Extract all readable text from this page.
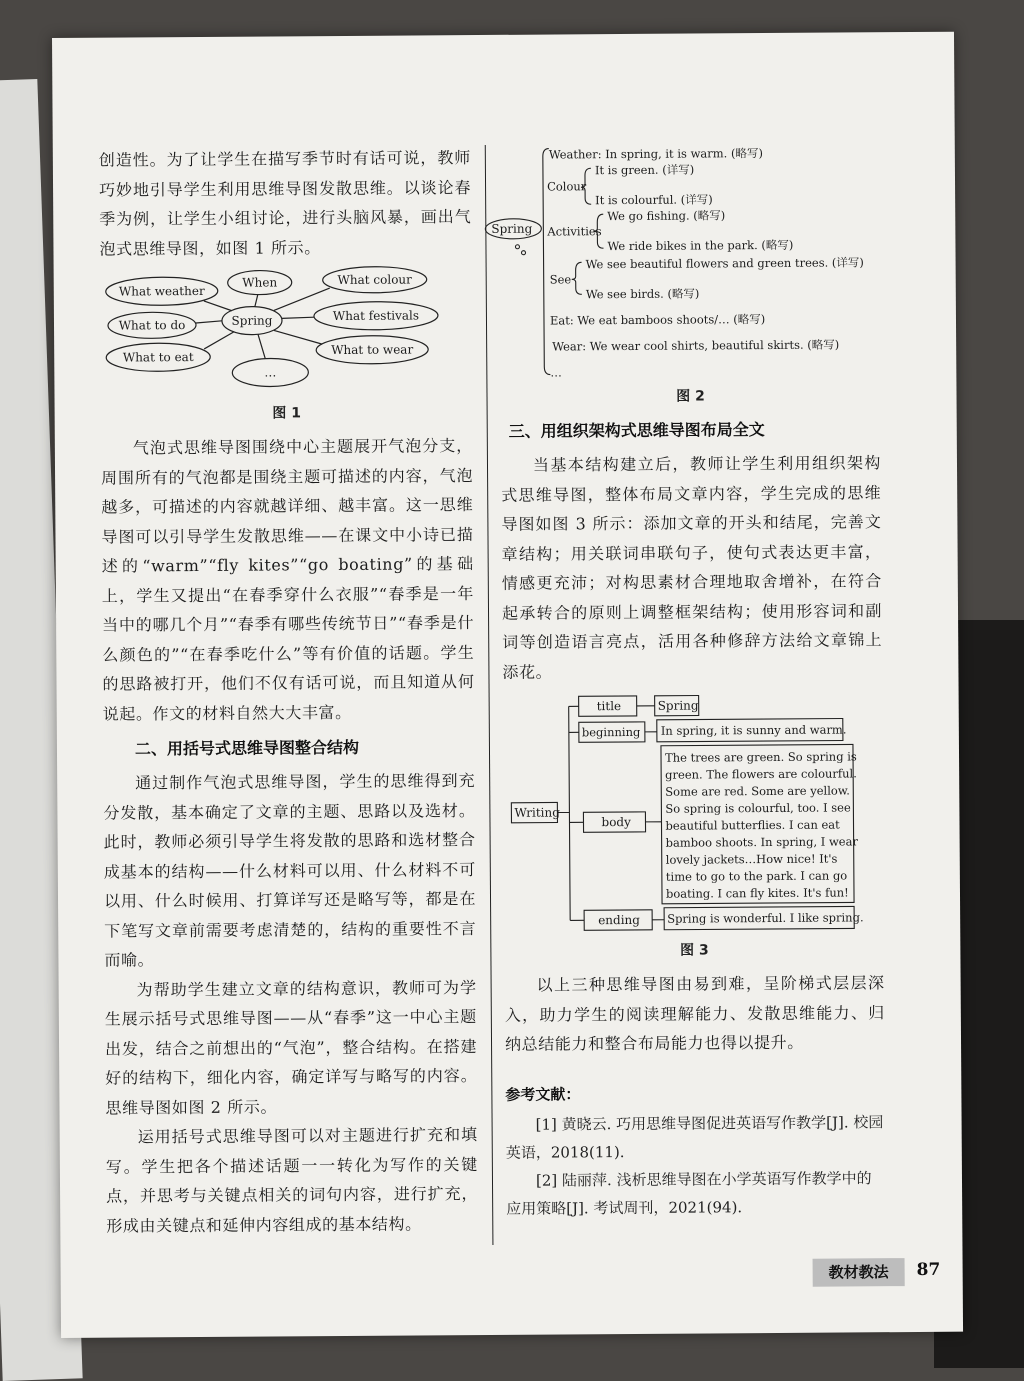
创造性。为了让学生在描写季节时有话可说，教师巧妙地引导学生利用思维导图发散思维。以谈论春季为例，让学生小组讨论，进行头脑风暴，画出气泡式思维导图，如图 1 所示。

Spring
What weather
When	What colour
What to do
What festivals
What to eat
What to wear
…
图 1

气泡式思维导图围绕中心主题展开气泡分支，周围所有的气泡都是围绕主题可描述的内容，气泡越多，可描述的内容就越详细、越丰富。这一思维导图可以引导学生发散思维——在课文中小诗已描述的“warm”“fly kites”“go boating”的基础上，学生又提出“在春季穿什么衣服”“春季是一年当中的哪几个月”“春季有哪些传统节日”“春季是什么颜色的”“在春季吃什么”等有价值的话题。学生的思路被打开，他们不仅有话可说，而且知道从何说起。作文的材料自然大大丰富。

二、用括号式思维导图整合结构

通过制作气泡式思维导图，学生的思维得到充分发散，基本确定了文章的主题、思路以及选材。此时，教师必须引导学生将发散的思路和选材整合成基本的结构——什么材料可以用、什么材料不可以用、什么时候用、打算详写还是略写等，都是在下笔写文章前需要考虑清楚的，结构的重要性不言而喻。

为帮助学生建立文章的结构意识，教师可为学生展示括号式思维导图——从“春季”这一中心主题出发，结合之前想出的“气泡”，整合结构。在搭建好的结构下，细化内容，确定详写与略写的内容。思维导图如图 2 所示。

运用括号式思维导图可以对主题进行扩充和填写。学生把各个描述话题一一转化为写作的关键点，并思考与关键点相关的词句内容，进行扩充，形成由关键点和延伸内容组成的基本结构。

Spring
Weather: In spring, it is warm. (略写)
Colour
It is green. (详写)
It is colourful. (详写)
Activities
We go fishing. (略写)
We ride bikes in the park. (略写)
See
We see beautiful flowers and green trees. (详写)
We see birds. (略写)
Eat: We eat bamboos shoots/… (略写)
Wear: We wear cool shirts, beautiful skirts. (略写)
…
图 2
三、用组织架构式思维导图布局全文

当基本结构建立后，教师让学生利用组织架构式思维导图，整体布局文章内容，学生完成的思维导图如图 3 所示：添加文章的开头和结尾，完善文章结构；用关联词串联句子，使句式表达更丰富，情感更充沛；对构思素材合理地取舍增补，在符合起承转合的原则上调整框架结构；使用形容词和副词等创造语言亮点，活用各种修辞方法给文章锦上添花。

Writing
title	Spring
beginning In spring, it is sunny and warm.
body
The trees are green. So spring is
green. The flowers are colourful.
Some are red. Some are yellow.
So spring is colourful, too. I see
beautiful butterflies. I can eat
bamboo shoots. In spring, I wear
lovely jackets…How nice! It's
time to go to the park. I can go
boating. I can fly kites. It's fun!
ending Spring is wonderful. I like spring.
图 3

以上三种思维导图由易到难，呈阶梯式层层深入，助力学生的阅读理解能力、发散思维能力、归纳总结能力和整合布局能力也得以提升。

参考文献：

[1] 黄晓云. 巧用思维导图促进英语写作教学[J]. 校园英语，2018(11).

[2] 陆丽萍. 浅析思维导图在小学英语写作教学中的应用策略[J]. 考试周刊，2021(94).

教材教法	87
